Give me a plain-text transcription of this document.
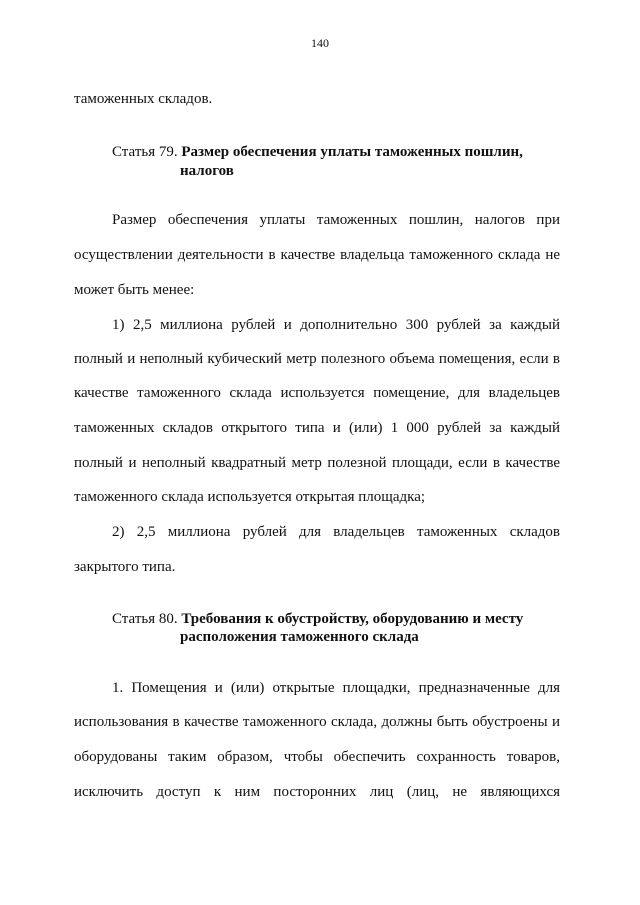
140
таможенных складов.
Статья 79. Размер обеспечения уплаты таможенных пошлин,
налогов
Размер обеспечения уплаты таможенных пошлин, налогов при
осуществлении деятельности в качестве владельца таможенного склада не
может быть менее:
1) 2,5 миллиона рублей и дополнительно 300 рублей за каждый
полный и неполный кубический метр полезного объема помещения, если в
качестве таможенного склада используется помещение, для владельцев
таможенных складов открытого типа и (или) 1 000 рублей за каждый
полный и неполный квадратный метр полезной площади, если в качестве
таможенного склада используется открытая площадка;
2) 2,5 миллиона рублей для владельцев таможенных складов
закрытого типа.
Статья 80. Требования к обустройству, оборудованию и месту
расположения таможенного склада
1. Помещения и (или) открытые площадки, предназначенные для
использования в качестве таможенного склада, должны быть обустроены и
оборудованы таким образом, чтобы обеспечить сохранность товаров,
исключить доступ к ним посторонних лиц (лиц, не являющихся
